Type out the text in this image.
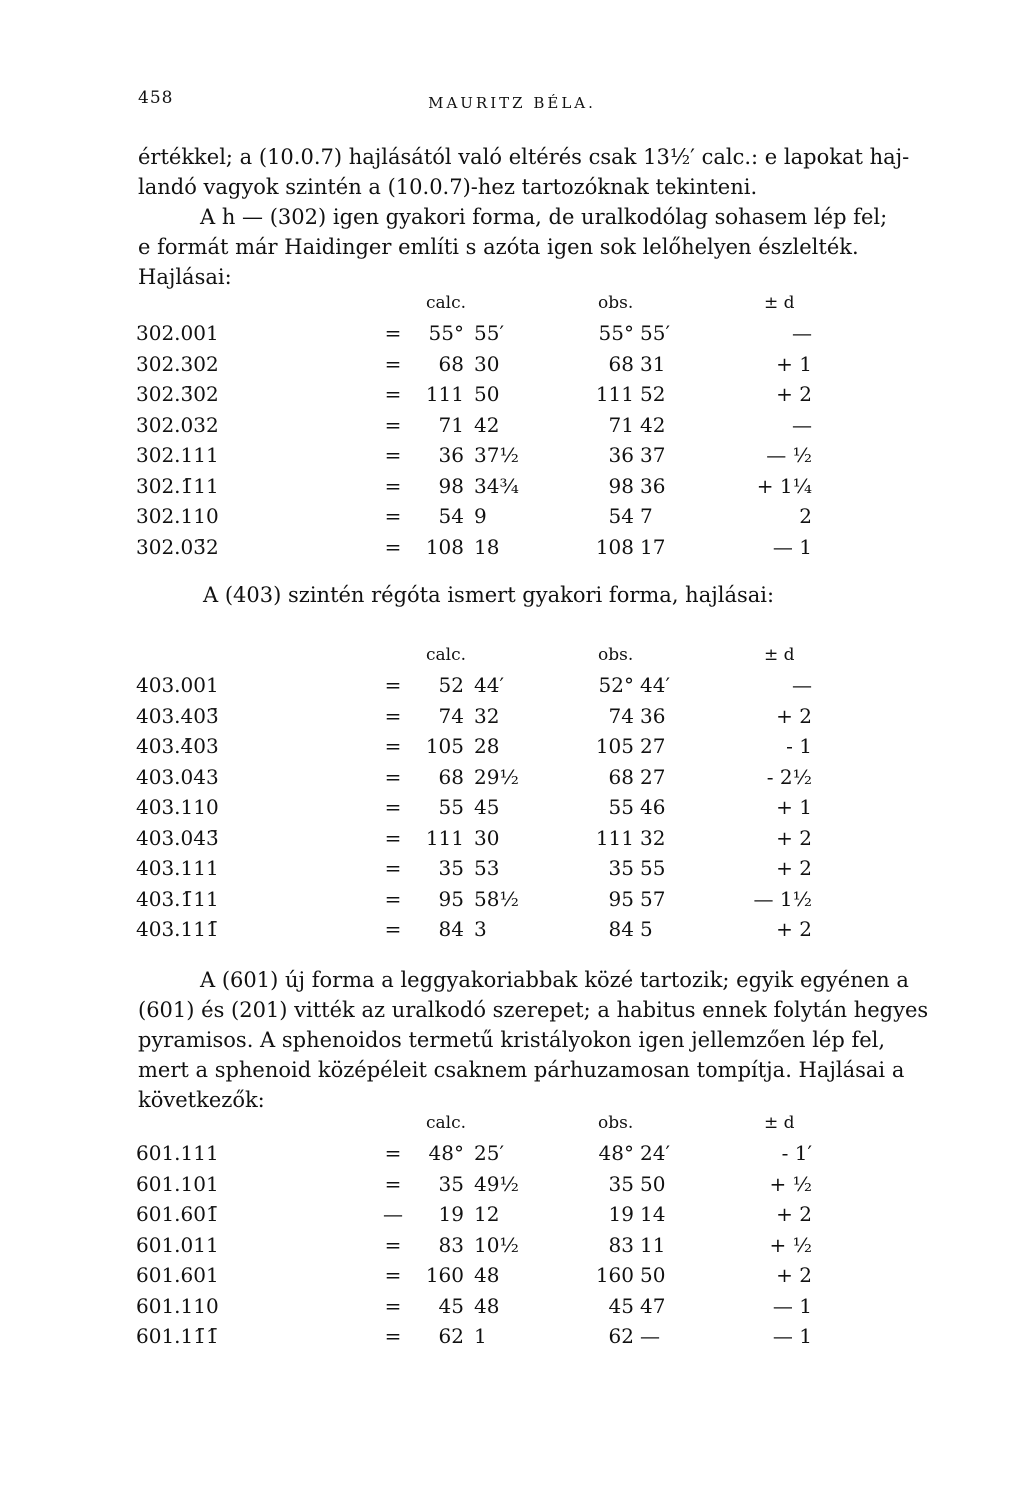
458	MAURITZ BÉLA.

értékkel; a (10.0.7) hajlásától való eltérés csak 13½′ calc.: e lapokat haj-
landó vagyok szintén a (10.0.7)-hez tartozóknak tekinteni.
A h — (302) igen gyakori forma, de uralkodólag sohasem lép fel;
e formát már Haidinger említi s azóta igen sok lelőhelyen észlelték.
Hajlásai:

calc.	obs.	± d
302.001	=	55° 55′	55° 55′	—
302.302	=	68 30	68 31	+ 1
302.3̄02	=	111 50	111 52	+ 2
302.032	=	71 42	71 42	—
302.111	=	36 37½	36 37	— ½
302.1̄11	=	98 34¾	98 36	+ 1¼
302.110	=	54 9	54 7	2
302.03̄2	=	108 18	108 17	— 1

A (403) szintén régóta ismert gyakori forma, hajlásai:

calc.	obs.	± d
403.001	=	52 44′	52° 44′	—
403.403̄	=	74 32	74 36	+ 2
403.4̄03	=	105 28	105 27	- 1
403.043	=	68 29½	68 27	- 2½
403.110	=	55 45	55 46	+ 1
403.043̄	=	111 30	111 32	+ 2
403.111	=	35 53	35 55	+ 2
403.1̄11	=	95 58½	95 57	— 1½
403.111̄	=	84 3	84 5	+ 2

A (601) új forma a leggyakoriabbak közé tartozik; egyik egyénen a
(601) és (201) vitték az uralkodó szerepet; a habitus ennek folytán hegyes
pyramisos. A sphenoidos termetű kristályokon igen jellemzően lép fel,
mert a sphenoid középéleit csaknem párhuzamosan tompítja. Hajlásai a
következők:

calc.	obs.	± d
601.111	=	48° 25′	48° 24′	- 1′
601.101	=	35 49½	35 50	+ ½
601.601̄	—	19 12	19 14	+ 2
601.011	=	83 10½	83 11	+ ½
601.601	=	160 48	160 50	+ 2
601.110	=	45 48	45 47	— 1
601.11̄1̄	=	62 1	62 —	— 1
